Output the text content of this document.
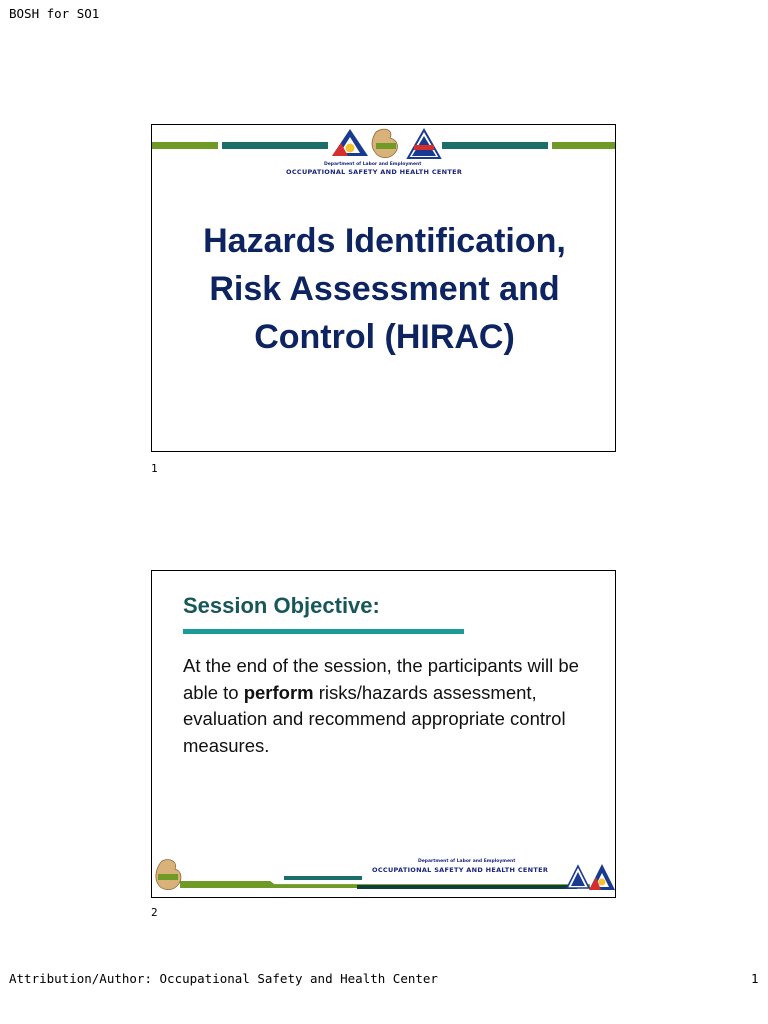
BOSH for SO1
Department of Labor and Employment
OCCUPATIONAL SAFETY AND HEALTH CENTER
Hazards Identification,
Risk Assessment and
Control (HIRAC)
1
Session Objective:
At the end of the session, the participants will be able to perform risks/hazards assessment, evaluation and recommend appropriate control measures.
Department of Labor and Employment
OCCUPATIONAL SAFETY AND HEALTH CENTER
2
Attribution/Author: Occupational Safety and Health Center	1
